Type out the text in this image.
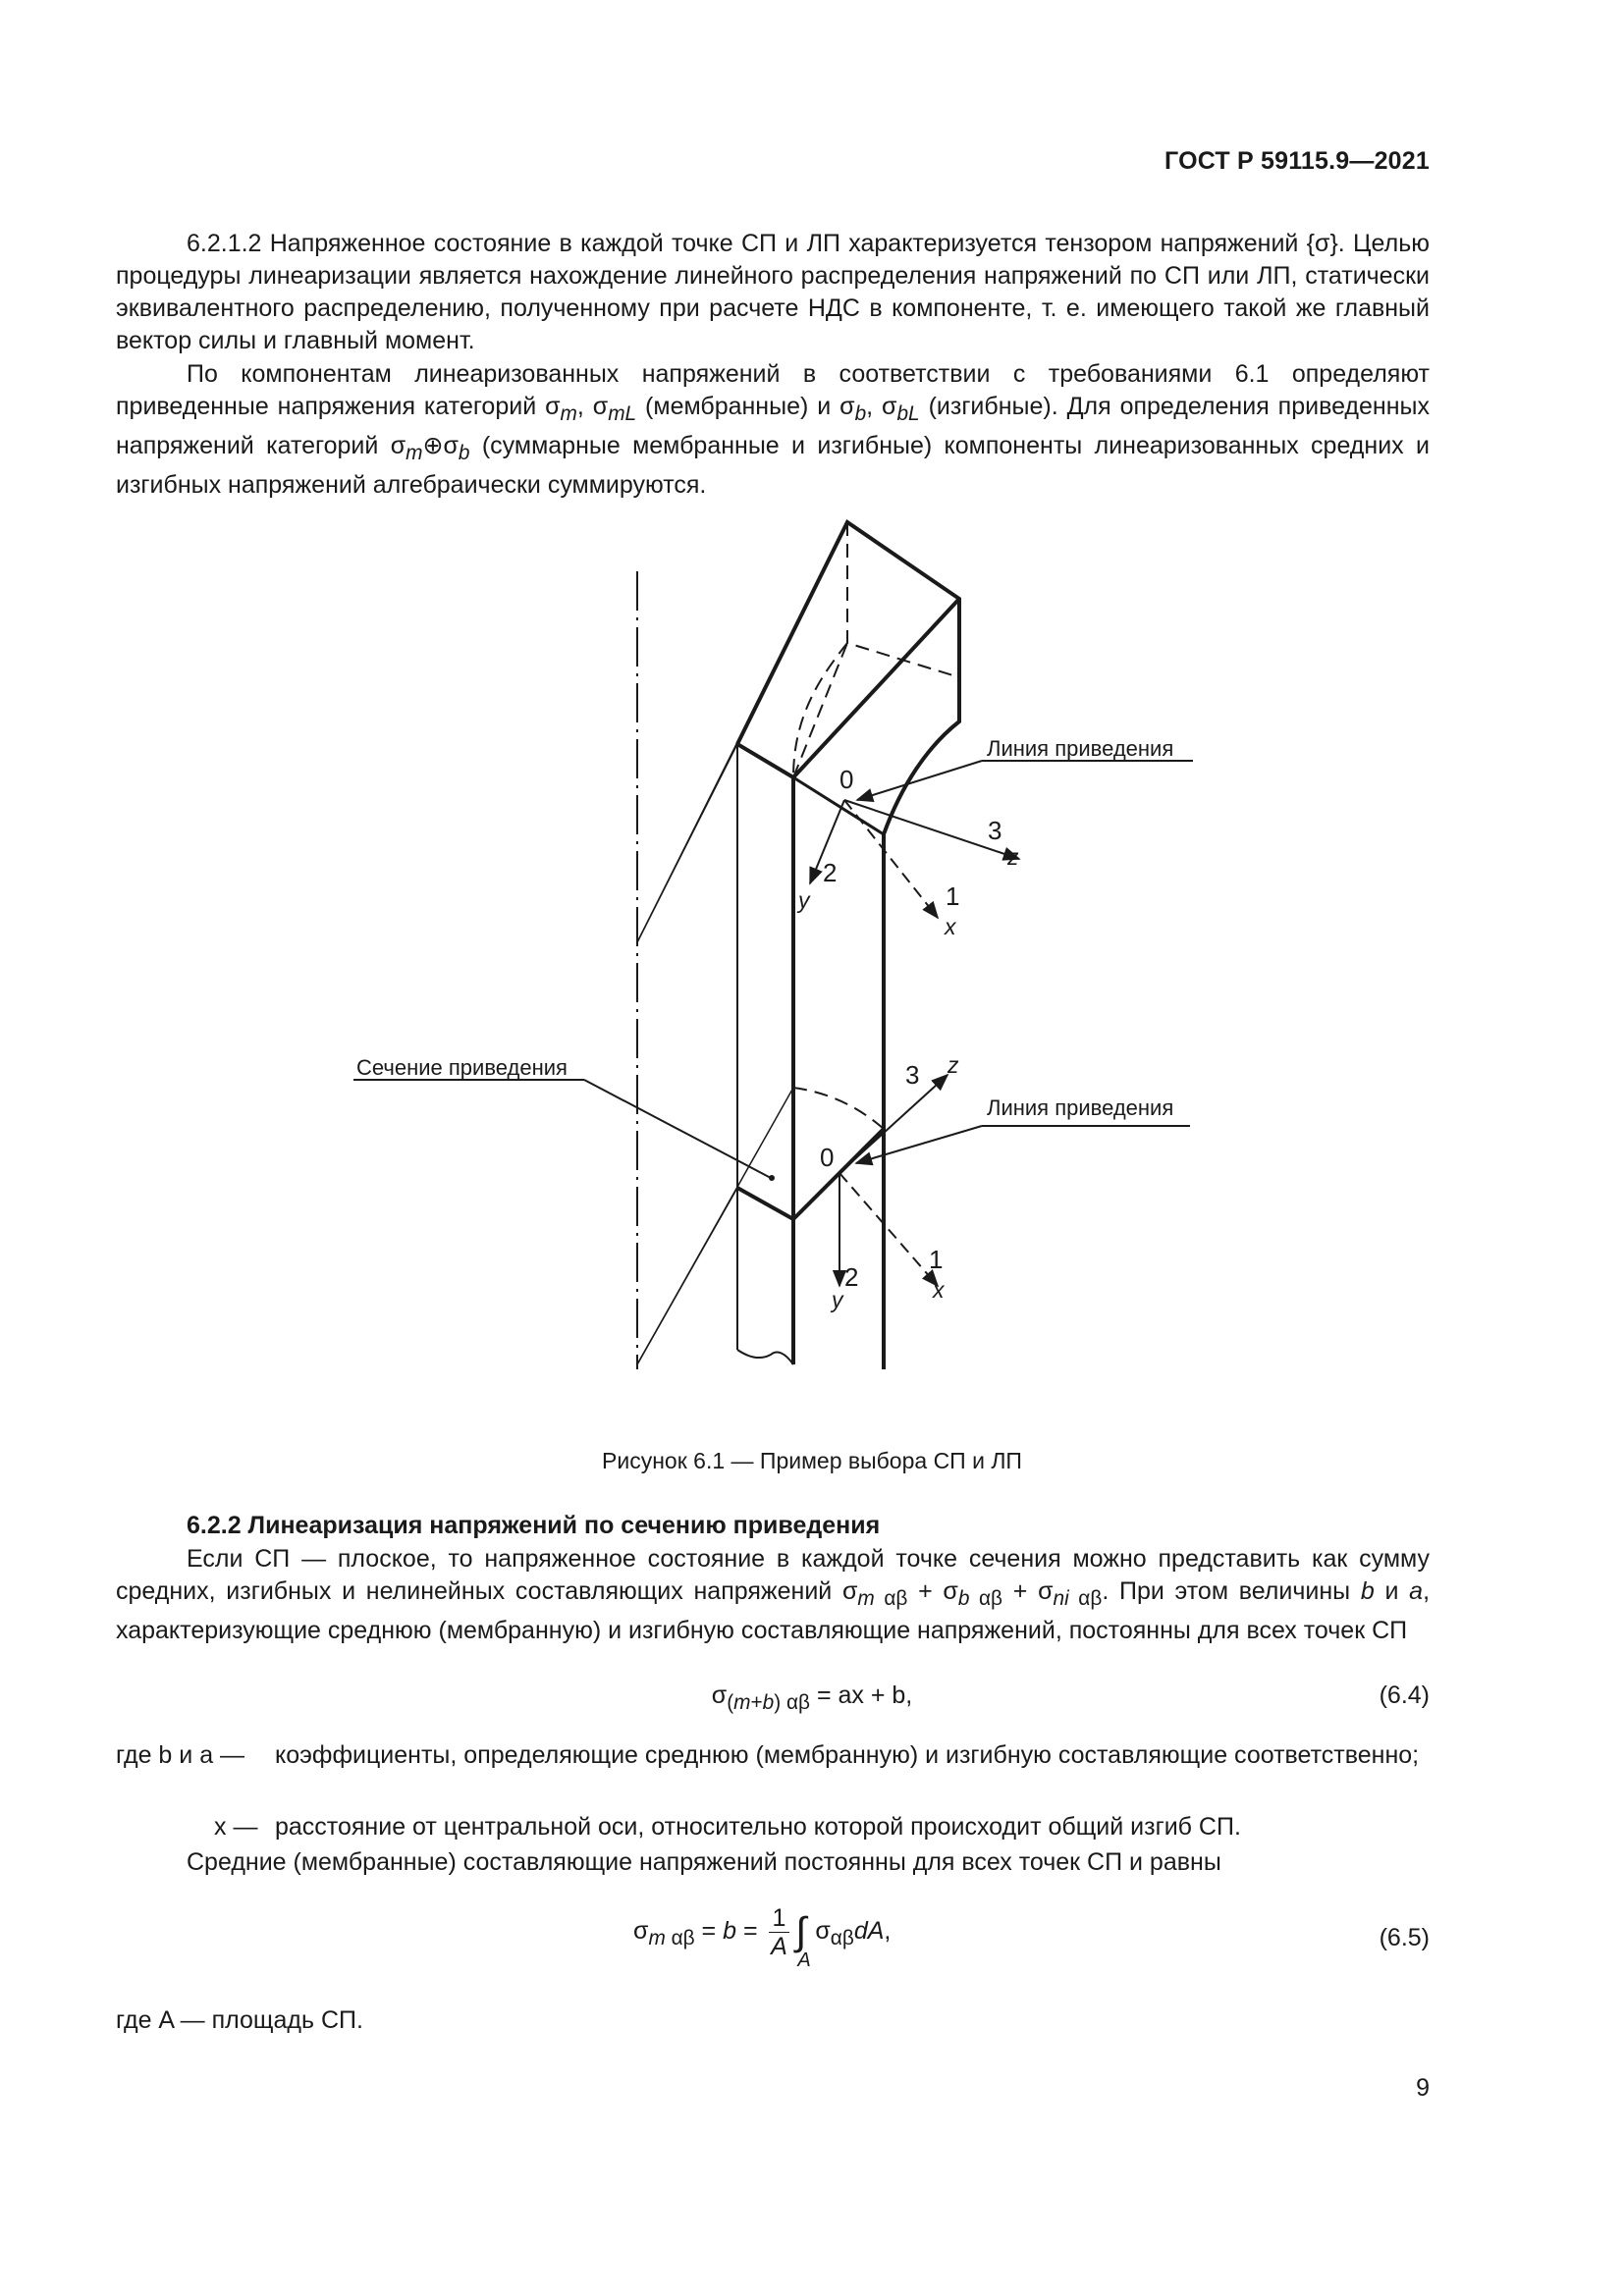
ГОСТ Р 59115.9—2021
6.2.1.2 Напряженное состояние в каждой точке СП и ЛП характеризуется тензором напряжений {σ}. Целью процедуры линеаризации является нахождение линейного распределения напряжений по СП или ЛП, статически эквивалентного распределению, полученному при расчете НДС в компоненте, т. е. имеющего такой же главный вектор силы и главный момент.
По компонентам линеаризованных напряжений в соответствии с требованиями 6.1 определяют приведенные напряжения категорий $\sigma_m$, $\sigma_{mL}$ (мембранные) и $\sigma_b$, $\sigma_{bL}$ (изгибные). Для определения приведенных напряжений категорий $\sigma_m\oplus\sigma_b$ (суммарные мембранные и изгибные) компоненты линеаризованных средних и изгибных напряжений алгебраически суммируются.
Линия приведения
Линия приведения
Сечение приведения
0
3
z
2
y	1
x
0
3 z
2
y
1
x
Рисунок 6.1 — Пример выбора СП и ЛП
6.2.2 Линеаризация напряжений по сечению приведения
Если СП — плоское, то напряженное состояние в каждой точке сечения можно представить как сумму средних, изгибных и нелинейных составляющих напряжений $\sigma_{m \alpha\beta} + \sigma_{b \alpha\beta} + \sigma_{ni \alpha\beta}$. При этом величины b и a, характеризующие среднюю (мембранную) и изгибную составляющие напряжений, постоянны для всех точек СП
$\sigma_{(m+b) \alpha\beta}$ = ax + b,	(6.4)
где b и a —	коэффициенты, определяющие среднюю (мембранную) и изгибную составляющие соответственно;
x — расстояние от центральной оси, относительно которой происходит общий изгиб СП.
Средние (мембранные) составляющие напряжений постоянны для всех точек СП и равны
$\sigma_{m \alpha\beta} = b = \frac{1}{A}$ ∫
A
$\sigma_{\alpha\beta}dA$,	(6.5)
где A — площадь СП.
9
